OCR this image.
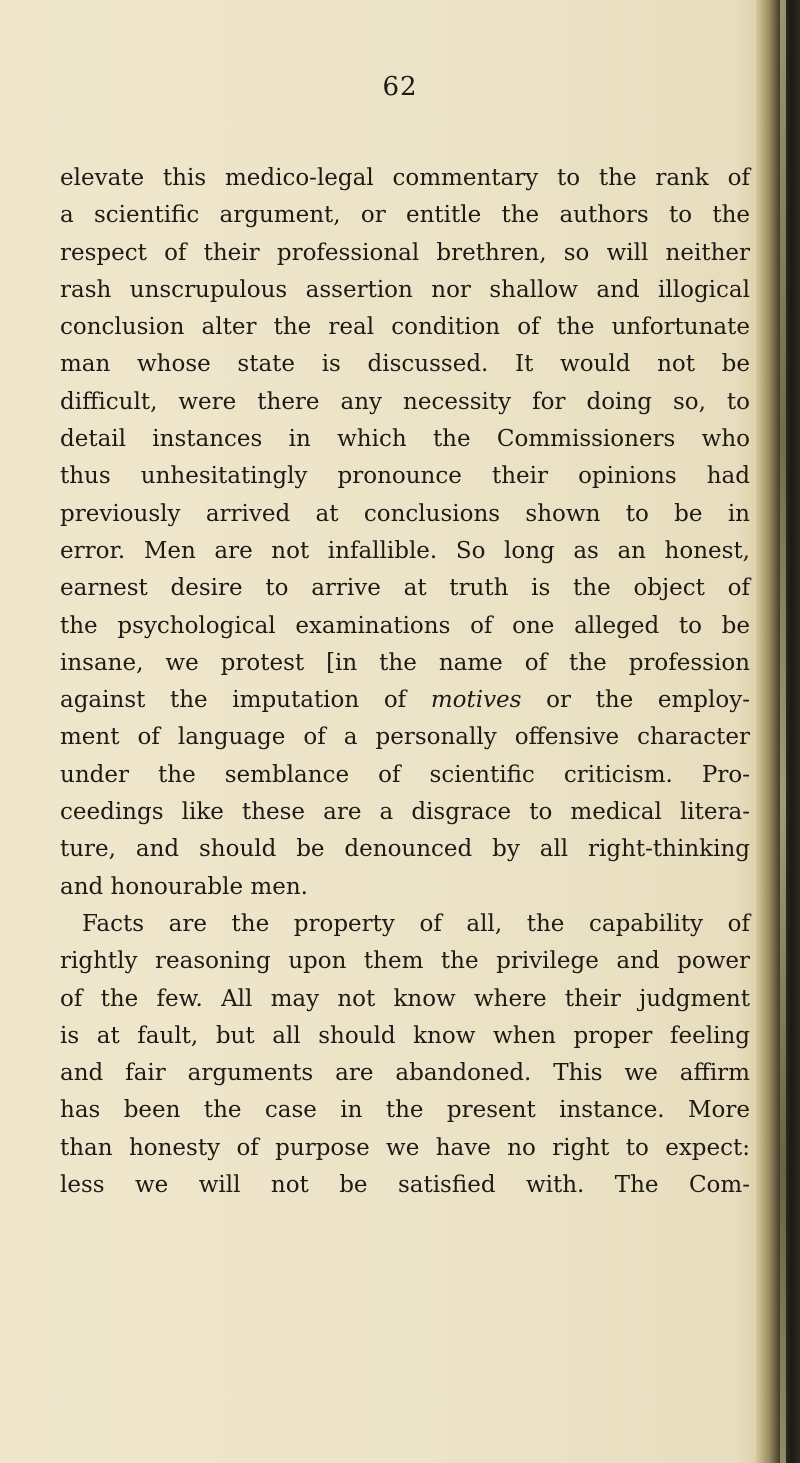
62
elevate this medico-legal commentary to the rank of
a scientific argument, or entitle the authors to the
respect of their professional brethren, so will neither
rash unscrupulous assertion nor shallow and illogical
conclusion alter the real condition of the unfortunate
man whose state is discussed. It would not be
difficult, were there any necessity for doing so, to
detail instances in which the Commissioners who
thus unhesitatingly pronounce their opinions had
previously arrived at conclusions shown to be in
error. Men are not infallible. So long as an honest,
earnest desire to arrive at truth is the object of
the psychological examinations of one alleged to be
insane, we protest [in the name of the profession
against the imputation of motives or the employ-
ment of language of a personally offensive character
under the semblance of scientific criticism. Pro-
ceedings like these are a disgrace to medical litera-
ture, and should be denounced by all right-thinking
and honourable men.
Facts are the property of all, the capability of
rightly reasoning upon them the privilege and power
of the few. All may not know where their judgment
is at fault, but all should know when proper feeling
and fair arguments are abandoned. This we affirm
has been the case in the present instance. More
than honesty of purpose we have no right to expect:
less we will not be satisfied with. The Com-
